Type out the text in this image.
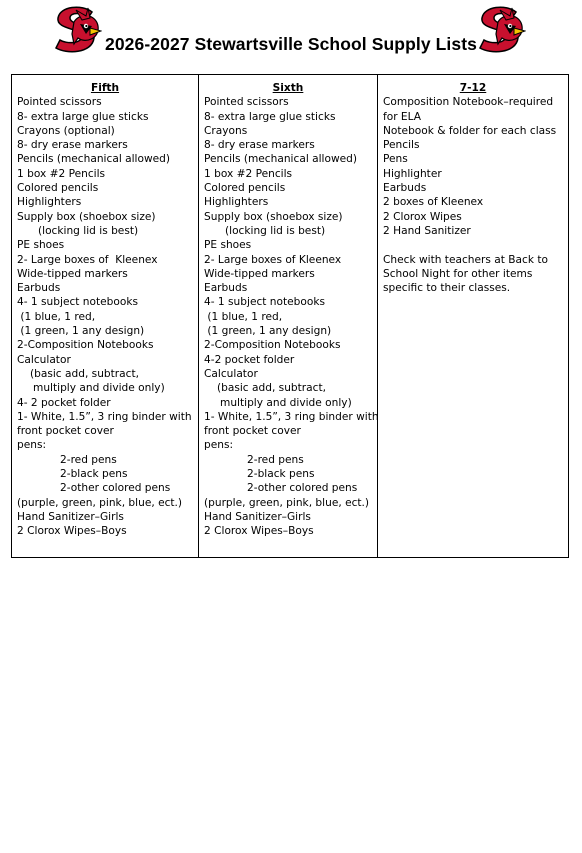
2026-2027 Stewartsville School Supply Lists
Fifth
Pointed scissors
8- extra large glue sticks
Crayons (optional)
8- dry erase markers
Pencils (mechanical allowed)
1 box #2 Pencils
Colored pencils
Highlighters
Supply box (shoebox size)
(locking lid is best)
PE shoes
2- Large boxes of  Kleenex
Wide-tipped markers
Earbuds
4- 1 subject notebooks
(1 blue, 1 red,
(1 green, 1 any design)
2-Composition Notebooks
Calculator
(basic add, subtract,
multiply and divide only)
4- 2 pocket folder
1- White, 1.5”, 3 ring binder with
front pocket cover
pens:
2-red pens
2-black pens
2-other colored pens
(purple, green, pink, blue, ect.)
Hand Sanitizer–Girls
2 Clorox Wipes–Boys

Sixth
Pointed scissors
8- extra large glue sticks
Crayons
8- dry erase markers
Pencils (mechanical allowed)
1 box #2 Pencils
Colored pencils
Highlighters
Supply box (shoebox size)
(locking lid is best)
PE shoes
2- Large boxes of Kleenex
Wide-tipped markers
Earbuds
4- 1 subject notebooks
(1 blue, 1 red,
(1 green, 1 any design)
2-Composition Notebooks
4-2 pocket folder
Calculator
(basic add, subtract,
multiply and divide only)
1- White, 1.5”, 3 ring binder with
front pocket cover
pens:
2-red pens
2-black pens
2-other colored pens
(purple, green, pink, blue, ect.)
Hand Sanitizer–Girls
2 Clorox Wipes–Boys

7-12
Composition Notebook–required for ELA
Notebook & folder for each class
Pencils
Pens
Highlighter
Earbuds
2 boxes of Kleenex
2 Clorox Wipes
2 Hand Sanitizer
Check with teachers at Back to School Night for other items specific to their classes.
